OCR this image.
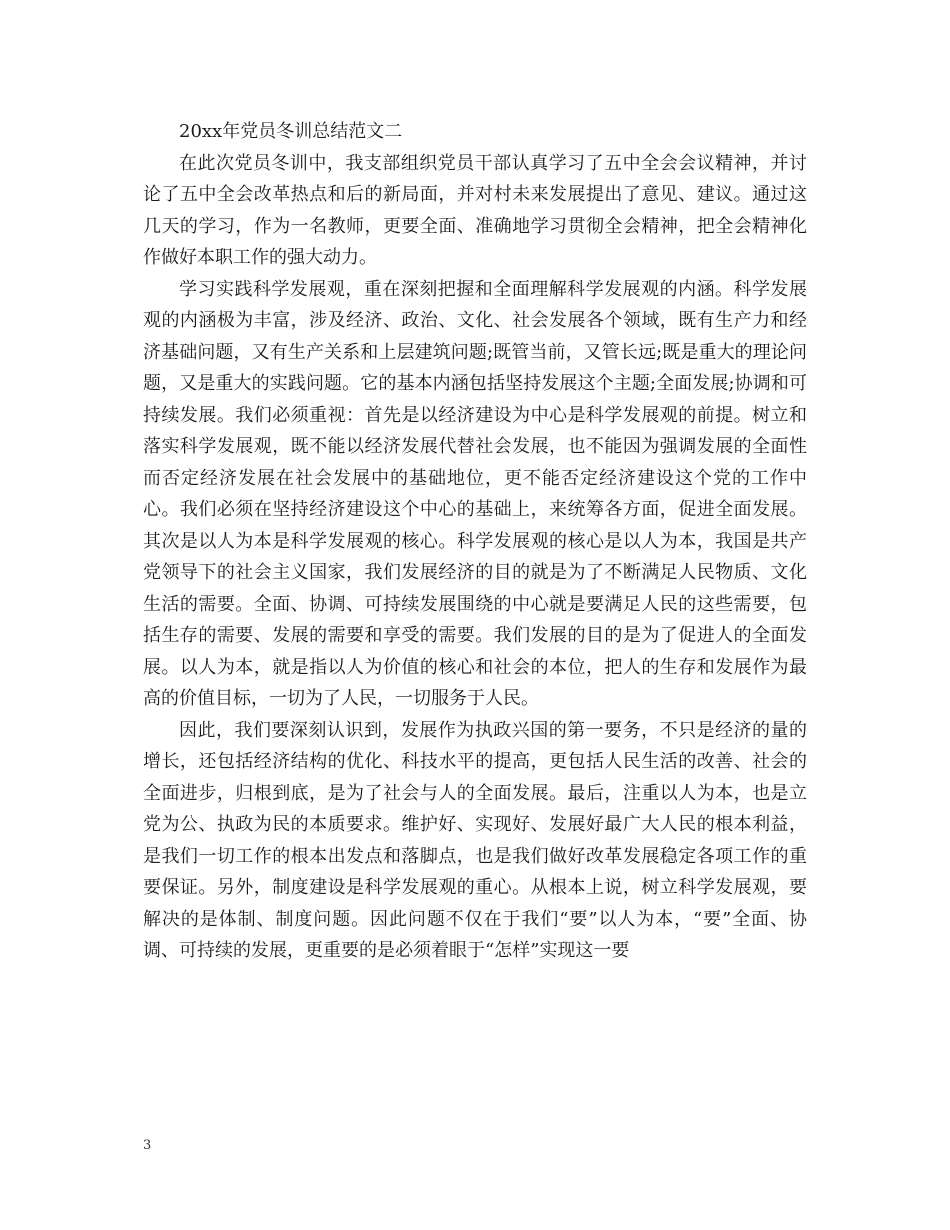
20xx年党员冬训总结范文二

在此次党员冬训中，我支部组织党员干部认真学习了五中全会会议精神，并讨论了五中全会改革热点和后的新局面，并对村未来发展提出了意见、建议。通过这几天的学习，作为一名教师，更要全面、准确地学习贯彻全会精神，把全会精神化作做好本职工作的强大动力。

学习实践科学发展观，重在深刻把握和全面理解科学发展观的内涵。科学发展观的内涵极为丰富，涉及经济、政治、文化、社会发展各个领域，既有生产力和经济基础问题，又有生产关系和上层建筑问题;既管当前，又管长远;既是重大的理论问题，又是重大的实践问题。它的基本内涵包括坚持发展这个主题;全面发展;协调和可持续发展。我们必须重视：首先是以经济建设为中心是科学发展观的前提。树立和落实科学发展观，既不能以经济发展代替社会发展，也不能因为强调发展的全面性而否定经济发展在社会发展中的基础地位，更不能否定经济建设这个党的工作中心。我们必须在坚持经济建设这个中心的基础上，来统筹各方面，促进全面发展。其次是以人为本是科学发展观的核心。科学发展观的核心是以人为本，我国是共产党领导下的社会主义国家，我们发展经济的目的就是为了不断满足人民物质、文化生活的需要。全面、协调、可持续发展围绕的中心就是要满足人民的这些需要，包括生存的需要、发展的需要和享受的需要。我们发展的目的是为了促进人的全面发展。以人为本，就是指以人为价值的核心和社会的本位，把人的生存和发展作为最高的价值目标，一切为了人民，一切服务于人民。

因此，我们要深刻认识到，发展作为执政兴国的第一要务，不只是经济的量的增长，还包括经济结构的优化、科技水平的提高，更包括人民生活的改善、社会的全面进步，归根到底，是为了社会与人的全面发展。最后，注重以人为本，也是立党为公、执政为民的本质要求。维护好、实现好、发展好最广大人民的根本利益，是我们一切工作的根本出发点和落脚点，也是我们做好改革发展稳定各项工作的重要保证。另外，制度建设是科学发展观的重心。从根本上说，树立科学发展观，要解决的是体制、制度问题。因此问题不仅在于我们“要”以人为本，“要”全面、协调、可持续的发展，更重要的是必须着眼于“怎样”实现这一要

3
